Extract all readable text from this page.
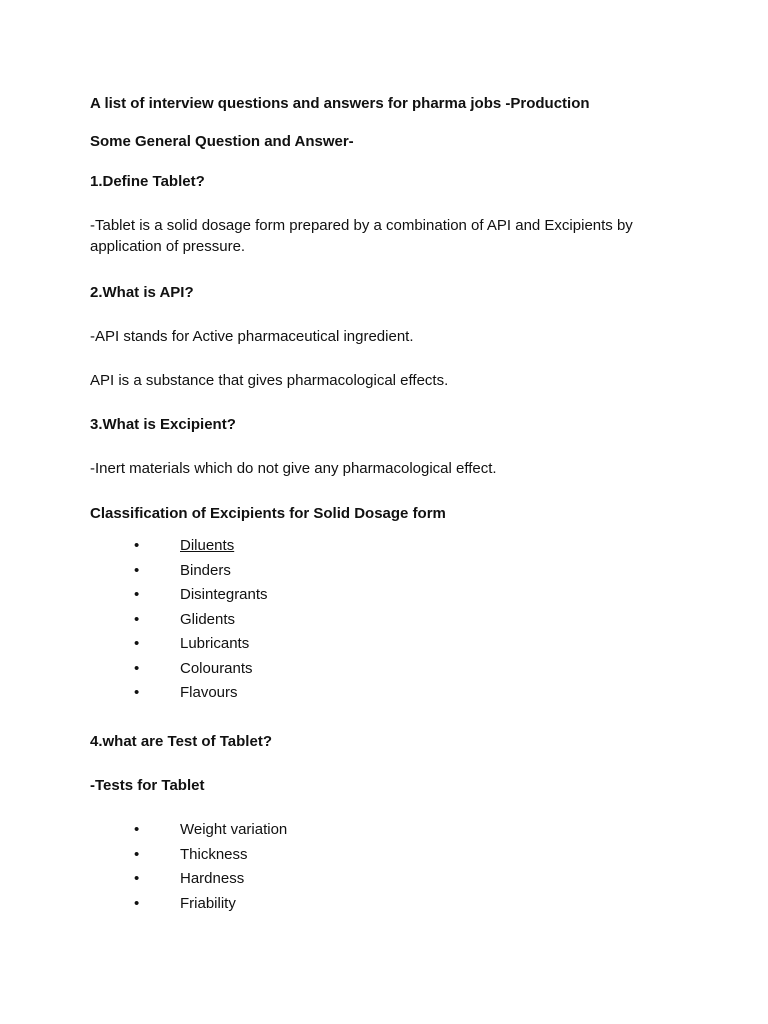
A list of interview questions and answers for pharma jobs -Production

Some General Question and Answer-

1.Define Tablet?

-Tablet is a solid dosage form prepared by a combination of API and Excipients by application of pressure.

2.What is API?

-API stands for Active pharmaceutical ingredient.

API is a substance that gives pharmacological effects.

3.What is Excipient?

-Inert materials which do not give any pharmacological effect.

Classification of Excipients for Solid Dosage form

•	Diluents
•	Binders
•	Disintegrants
•	Glidents
•	Lubricants
•	Colourants
•	Flavours

4.what are Test of Tablet?

-Tests for Tablet

•	Weight variation
•	Thickness
•	Hardness
•	Friability
